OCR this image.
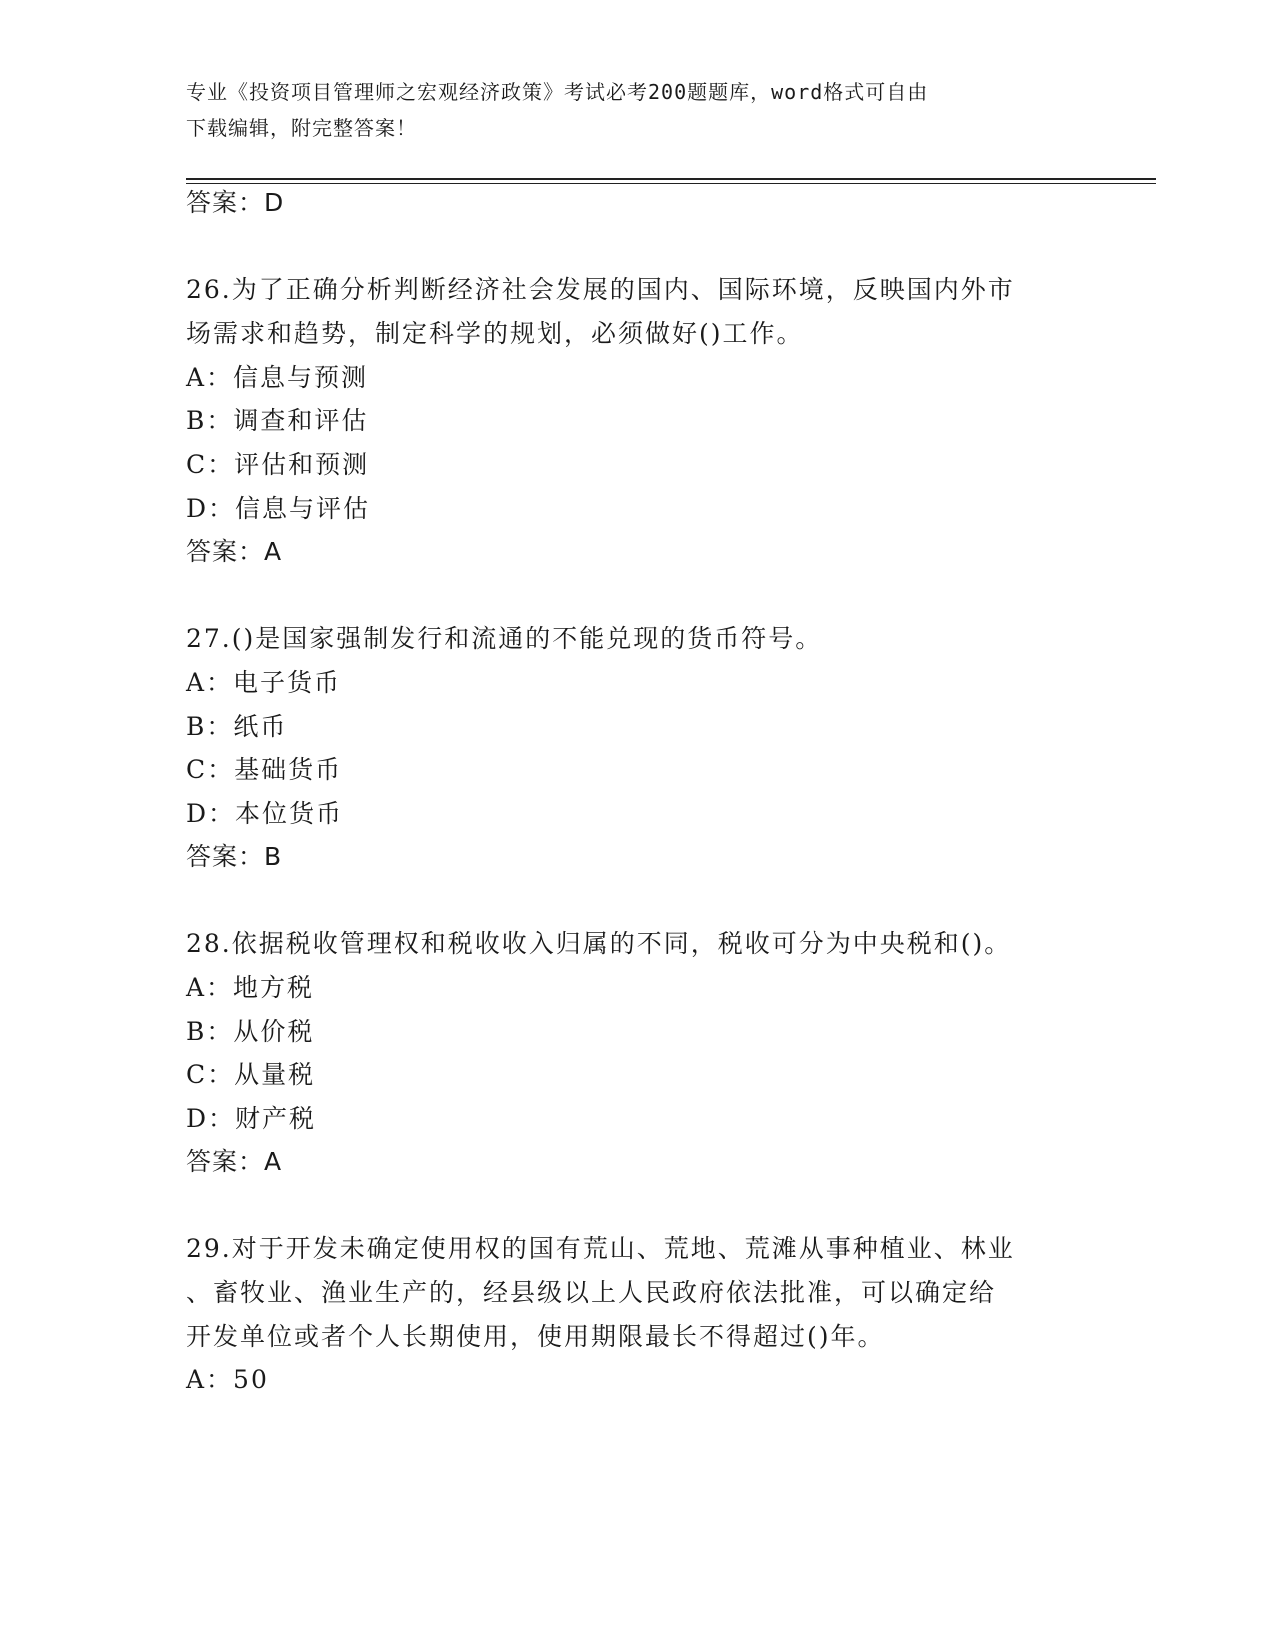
专业《投资项目管理师之宏观经济政策》考试必考200题题库，word格式可自由
下载编辑，附完整答案！
答案：D
26.为了正确分析判断经济社会发展的国内、国际环境，反映国内外市
场需求和趋势，制定科学的规划，必须做好()工作。
A：信息与预测
B：调查和评估
C：评估和预测
D：信息与评估
答案：A
27.()是国家强制发行和流通的不能兑现的货币符号。
A：电子货币
B：纸币
C：基础货币
D：本位货币
答案：B
28.依据税收管理权和税收收入归属的不同，税收可分为中央税和()。
A：地方税
B：从价税
C：从量税
D：财产税
答案：A
29.对于开发未确定使用权的国有荒山、荒地、荒滩从事种植业、林业
、畜牧业、渔业生产的，经县级以上人民政府依法批准，可以确定给
开发单位或者个人长期使用，使用期限最长不得超过()年。
A：50
